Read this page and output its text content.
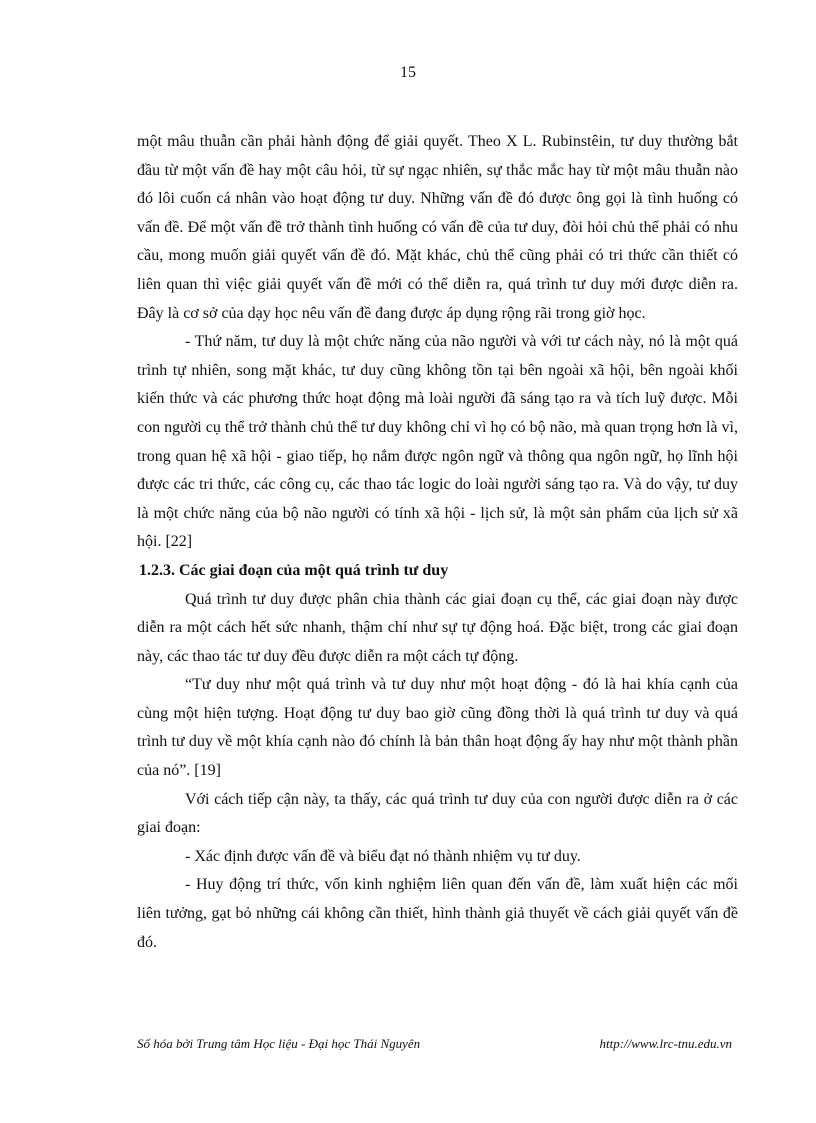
15

một mâu thuẫn cần phải hành động để giải quyết. Theo X L. Rubinstêin, tư duy thường bắt đầu từ một vấn đề hay một câu hỏi, từ sự ngạc nhiên, sự thắc mắc hay từ một mâu thuẫn nào đó lôi cuốn cá nhân vào hoạt động tư duy. Những vấn đề đó được ông gọi là tình huống có vấn đề. Để một vấn đề trở thành tình huống có vấn đề của tư duy, đòi hỏi chủ thể phải có nhu cầu, mong muốn giải quyết vấn đề đó. Mặt khác, chủ thể cũng phải có tri thức cần thiết có liên quan thì việc giải quyết vấn đề mới có thể diễn ra, quá trình tư duy mới được diễn ra. Đây là cơ sở của dạy học nêu vấn đề đang được áp dụng rộng rãi trong giờ học.

- Thứ năm, tư duy là một chức năng của não người và với tư cách này, nó là một quá trình tự nhiên, song mặt khác, tư duy cũng không tồn tại bên ngoài xã hội, bên ngoài khối kiến thức và các phương thức hoạt động mà loài người đã sáng tạo ra và tích luỹ được. Mỗi con người cụ thể trở thành chủ thể tư duy không chỉ vì họ có bộ não, mà quan trọng hơn là vì, trong quan hệ xã hội - giao tiếp, họ nắm được ngôn ngữ và thông qua ngôn ngữ, họ lĩnh hội được các tri thức, các công cụ, các thao tác logic do loài người sáng tạo ra. Và do vậy, tư duy là một chức năng của bộ não người có tính xã hội - lịch sử, là một sản phẩm của lịch sử xã hội. [22]

1.2.3. Các giai đoạn của một quá trình tư duy

Quá trình tư duy được phân chia thành các giai đoạn cụ thể, các giai đoạn này được diễn ra một cách hết sức nhanh, thậm chí như sự tự động hoá. Đặc biệt, trong các giai đoạn này, các thao tác tư duy đều được diễn ra một cách tự động.

“Tư duy như một quá trình và tư duy như một hoạt động - đó là hai khía cạnh của cùng một hiện tượng. Hoạt động tư duy bao giờ cũng đồng thời là quá trình tư duy và quá trình tư duy về một khía cạnh nào đó chính là bản thân hoạt động ấy hay như một thành phần của nó”. [19]

Với cách tiếp cận này, ta thấy, các quá trình tư duy của con người được diễn ra ở các giai đoạn:

- Xác định được vấn đề và biểu đạt nó thành nhiệm vụ tư duy.

- Huy động trí thức, vốn kinh nghiệm liên quan đến vấn đề, làm xuất hiện các mối liên tưởng, gạt bỏ những cái không cần thiết, hình thành giả thuyết về cách giải quyết vấn đề đó.

Số hóa bởi Trung tâm Học liệu - Đại học Thái Nguyên	http://www.lrc-tnu.edu.vn
